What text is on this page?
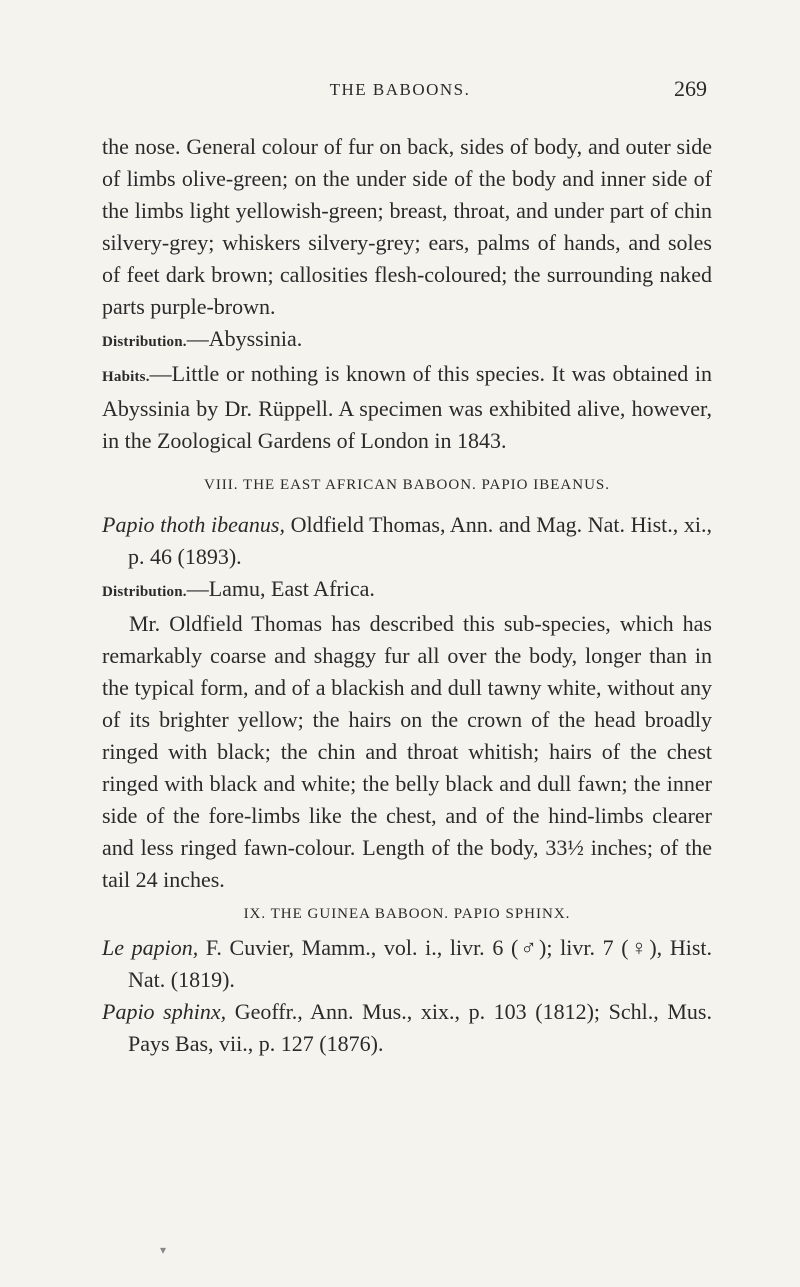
THE BABOONS.	269

the nose. General colour of fur on back, sides of body, and outer side of limbs olive-green; on the under side of the body and inner side of the limbs light yellowish-green; breast, throat, and under part of chin silvery-grey; whiskers silvery-grey; ears, palms of hands, and soles of feet dark brown; callosities flesh-coloured; the surrounding naked parts purple-brown.

Distribution.—Abyssinia.

Habits.—Little or nothing is known of this species. It was obtained in Abyssinia by Dr. Rüppell. A specimen was exhibited alive, however, in the Zoological Gardens of London in 1843.

VIII. THE EAST AFRICAN BABOON. PAPIO IBEANUS.

Papio thoth ibeanus, Oldfield Thomas, Ann. and Mag. Nat. Hist., xi., p. 46 (1893).

Distribution.—Lamu, East Africa.

Mr. Oldfield Thomas has described this sub-species, which has remarkably coarse and shaggy fur all over the body, longer than in the typical form, and of a blackish and dull tawny white, without any of its brighter yellow; the hairs on the crown of the head broadly ringed with black; the chin and throat whitish; hairs of the chest ringed with black and white; the belly black and dull fawn; the inner side of the fore-limbs like the chest, and of the hind-limbs clearer and less ringed fawn-colour. Length of the body, 33½ inches; of the tail 24 inches.

IX. THE GUINEA BABOON. PAPIO SPHINX.

Le papion, F. Cuvier, Mamm., vol. i., livr. 6 (♂); livr. 7 (♀), Hist. Nat. (1819).

Papio sphinx, Geoffr., Ann. Mus., xix., p. 103 (1812); Schl., Mus. Pays Bas, vii., p. 127 (1876).

▾
